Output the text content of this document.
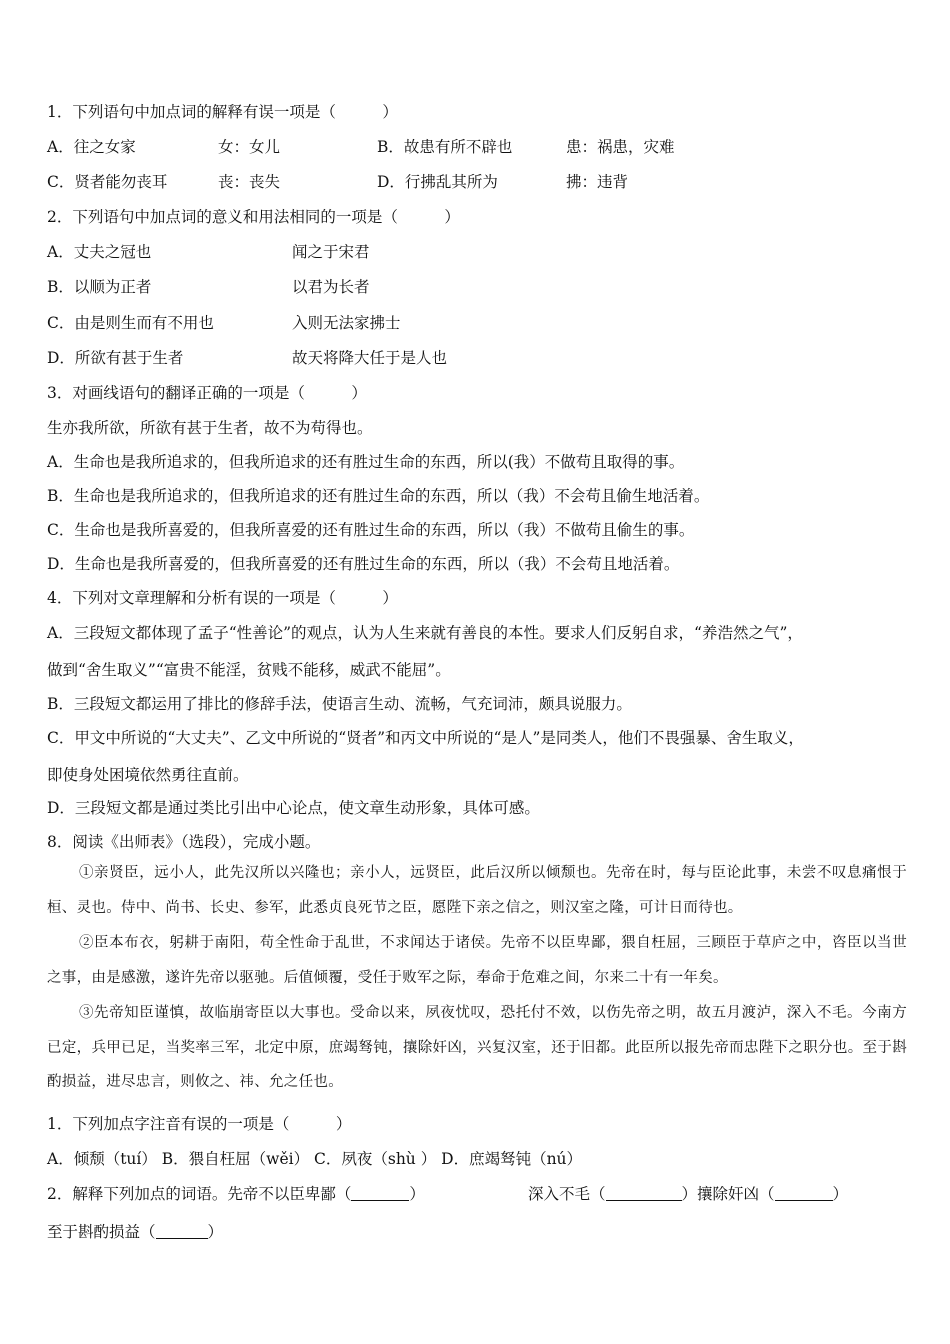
1．下列语句中加点词的解释有误一项是（　　　）
A．往之女家	女：女儿	B．故患有所不辟也	患：祸患，灾难
C．贤者能勿丧耳	丧：丧失	D．行拂乱其所为	拂：违背
2．下列语句中加点词的意义和用法相同的一项是（　　　）
A．丈夫之冠也	闻之于宋君
B．以顺为正者	以君为长者
C．由是则生而有不用也	入则无法家拂士
D．所欲有甚于生者	故天将降大任于是人也
3．对画线语句的翻译正确的一项是（　　　）
生亦我所欲，所欲有甚于生者，故不为苟得也。
A．生命也是我所追求的，但我所追求的还有胜过生命的东西，所以(我）不做苟且取得的事。
B．生命也是我所追求的，但我所追求的还有胜过生命的东西，所以（我）不会苟且偷生地活着。
C．生命也是我所喜爱的，但我所喜爱的还有胜过生命的东西，所以（我）不做苟且偷生的事。
D．生命也是我所喜爱的，但我所喜爱的还有胜过生命的东西，所以（我）不会苟且地活着。
4．下列对文章理解和分析有误的一项是（　　　）
A．三段短文都体现了孟子“性善论”的观点，认为人生来就有善良的本性。要求人们反躬自求，“养浩然之气”，
做到“舍生取义”“富贵不能淫，贫贱不能移，威武不能屈”。
B．三段短文都运用了排比的修辞手法，使语言生动、流畅，气充词沛，颇具说服力。
C．甲文中所说的“大丈夫”、乙文中所说的“贤者”和丙文中所说的“是人”是同类人，他们不畏强暴、舍生取义，
即使身处困境依然勇往直前。
D．三段短文都是通过类比引出中心论点，使文章生动形象，具体可感。
8．阅读《出师表》（选段），完成小题。
①亲贤臣，远小人，此先汉所以兴隆也；亲小人，远贤臣，此后汉所以倾颓也。先帝在时，每与臣论此事，未尝不叹息痛恨于桓、灵也。侍中、尚书、长史、参军，此悉贞良死节之臣，愿陛下亲之信之，则汉室之隆，可计日而待也。
②臣本布衣，躬耕于南阳，苟全性命于乱世，不求闻达于诸侯。先帝不以臣卑鄙，猥自枉屈，三顾臣于草庐之中，咨臣以当世之事，由是感激，遂许先帝以驱驰。后值倾覆，受任于败军之际，奉命于危难之间，尔来二十有一年矣。
③先帝知臣谨慎，故临崩寄臣以大事也。受命以来，夙夜忧叹，恐托付不效，以伤先帝之明，故五月渡泸，深入不毛。今南方已定，兵甲已足，当奖率三军，北定中原，庶竭驽钝，攘除奸凶，兴复汉室，还于旧都。此臣所以报先帝而忠陛下之职分也。至于斟酌损益，进尽忠言，则攸之、祎、允之任也。
1．下列加点字注音有误的一项是（　　　）
A．倾颓（tuí） B．猥自枉屈（wěi） C．夙夜（shù ） D．庶竭驽钝（nú）
2．解释下列加点的词语。先帝不以臣卑鄙（	）	深入不毛（	）攘除奸凶（	）
至于斟酌损益（	）
